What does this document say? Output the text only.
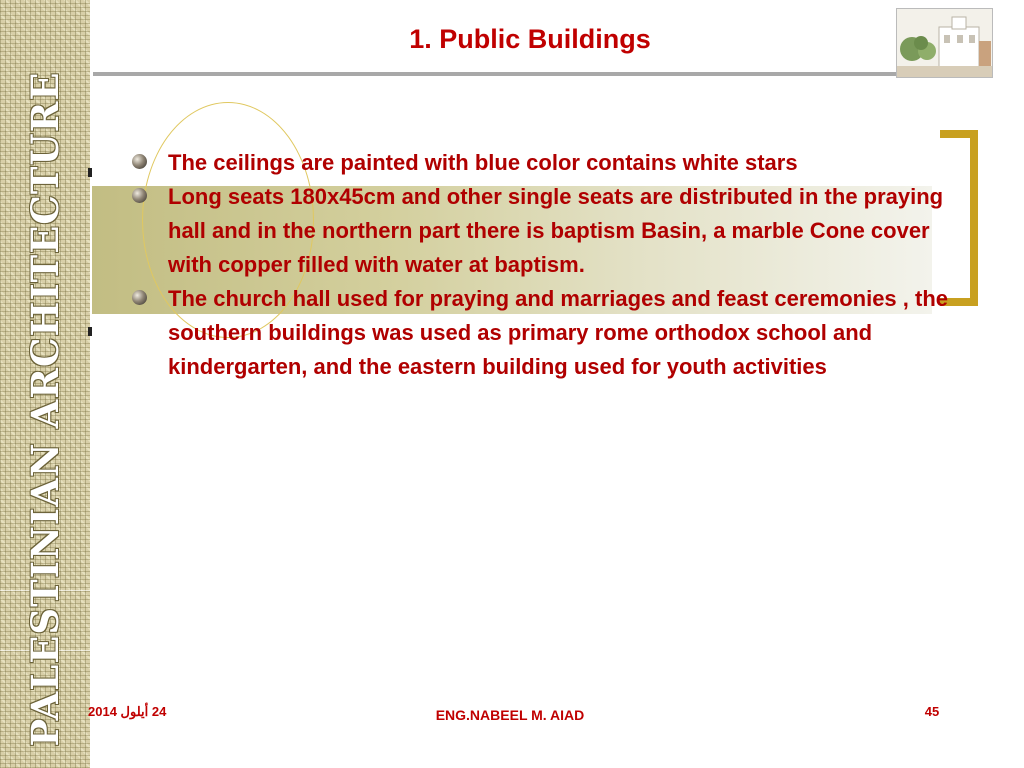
PALESTINIAN ARCHITECTURE
1. Public Buildings
The ceilings are painted with blue color contains white stars
Long seats 180x45cm and other single seats are distributed in the praying hall and in the northern part there is baptism Basin, a marble Cone cover with copper filled with water at baptism.
The church hall used for praying and marriages and feast ceremonies , the southern buildings was used as primary rome orthodox school and kindergarten, and the eastern building used for youth activities
24 أيلول 2014	ENG.NABEEL M. AIAD	45
